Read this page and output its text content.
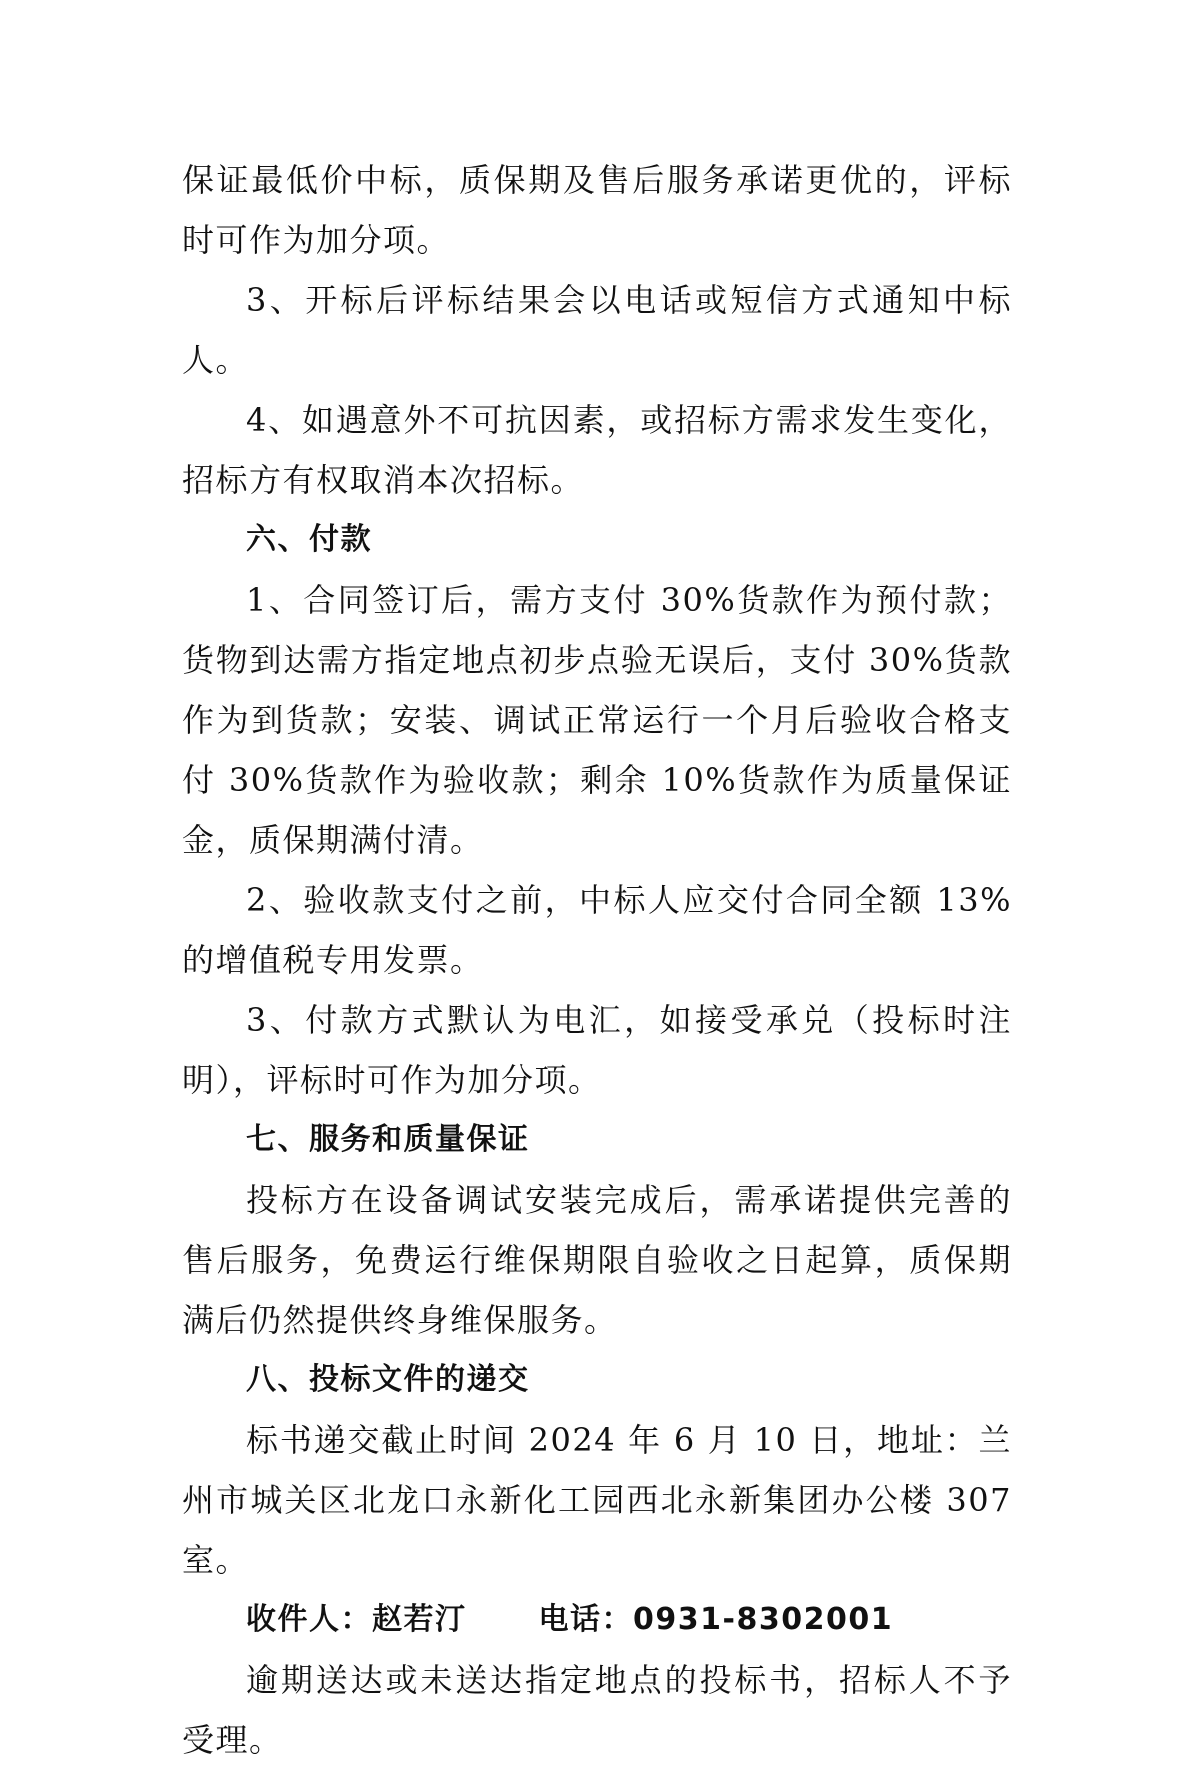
保证最低价中标，质保期及售后服务承诺更优的，评标时可作为加分项。

3、开标后评标结果会以电话或短信方式通知中标人。

4、如遇意外不可抗因素，或招标方需求发生变化，招标方有权取消本次招标。

六、付款

1、合同签订后，需方支付 30%货款作为预付款；货物到达需方指定地点初步点验无误后，支付 30%货款作为到货款；安装、调试正常运行一个月后验收合格支付 30%货款作为验收款；剩余 10%货款作为质量保证金，质保期满付清。

2、验收款支付之前，中标人应交付合同全额 13%的增值税专用发票。

3、付款方式默认为电汇，如接受承兑（投标时注明），评标时可作为加分项。

七、服务和质量保证

投标方在设备调试安装完成后，需承诺提供完善的售后服务，免费运行维保期限自验收之日起算，质保期满后仍然提供终身维保服务。

八、投标文件的递交

标书递交截止时间 2024 年 6 月 10 日，地址：兰州市城关区北龙口永新化工园西北永新集团办公楼 307 室。

收件人：赵若汀 电话：0931-8302001

逾期送达或未送达指定地点的投标书，招标人不予受理。
